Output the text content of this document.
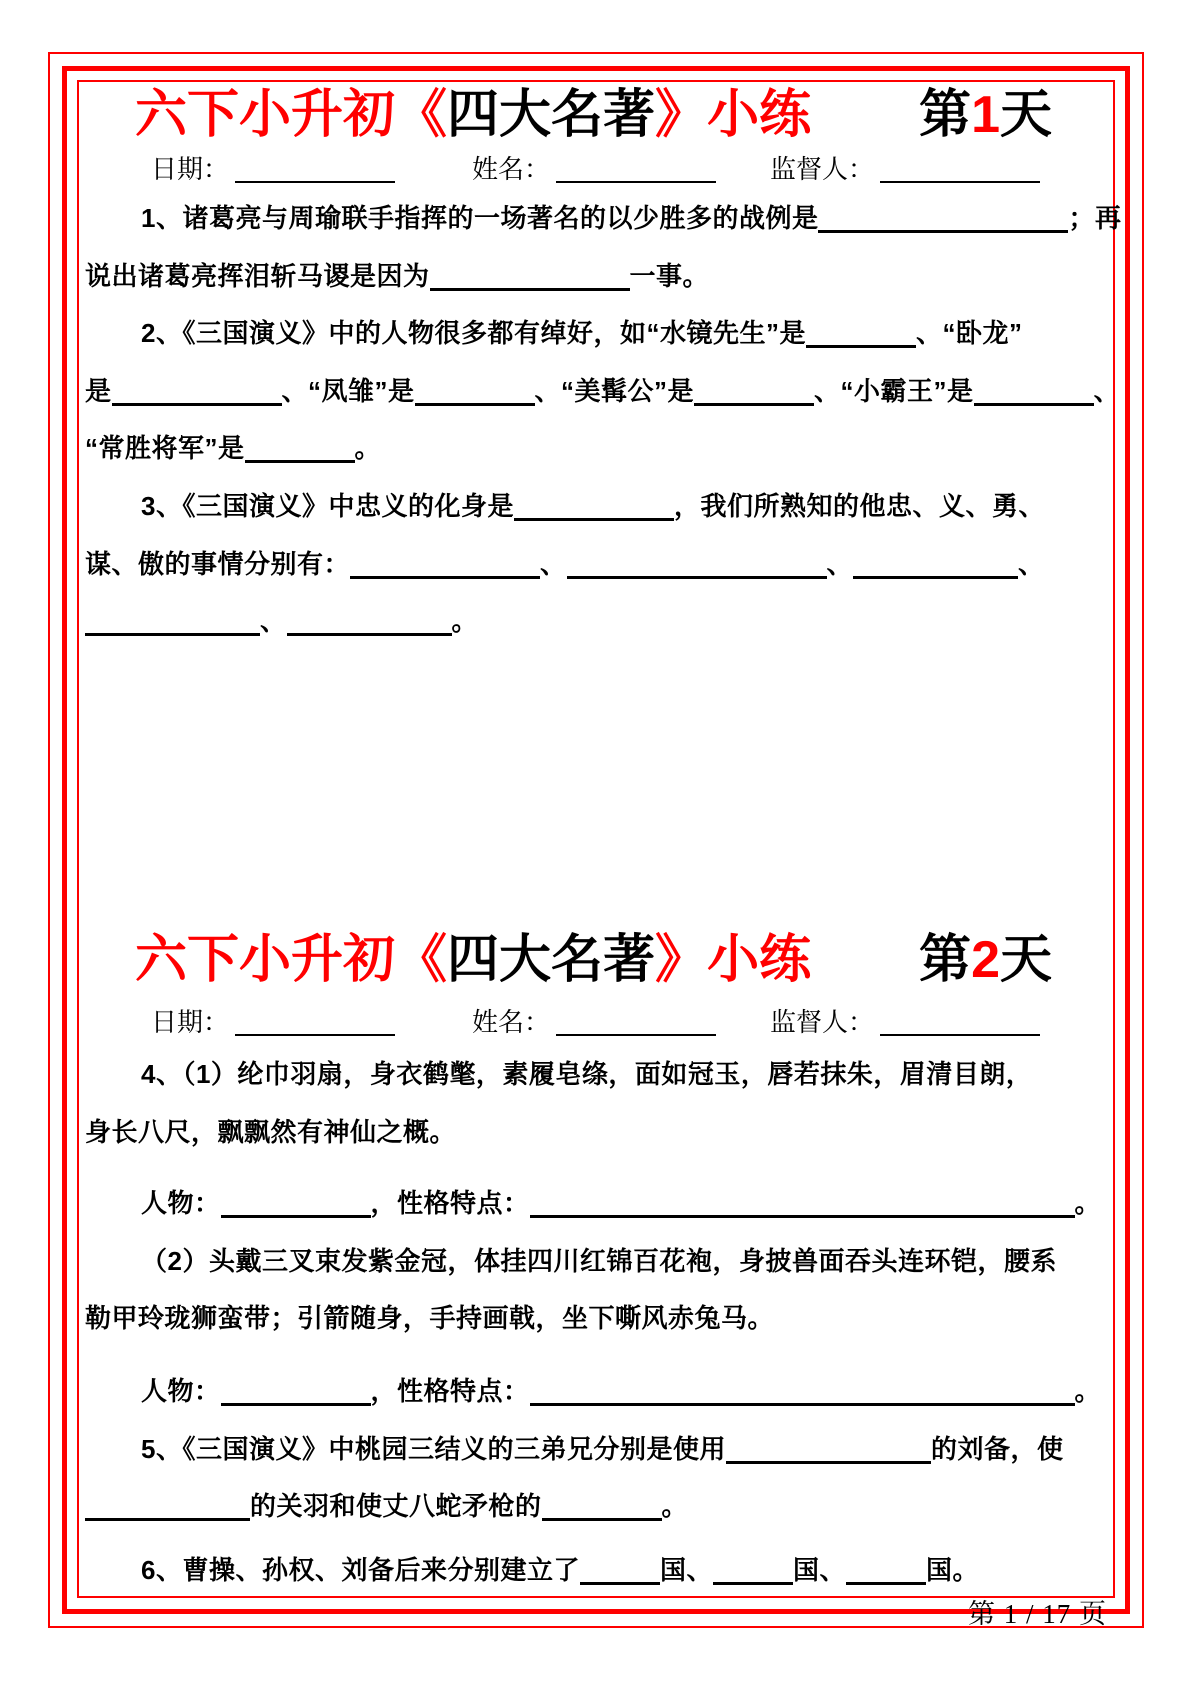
六下小升初《四大名著》小练 第1天
日期：	姓名：	监督人：
1、诸葛亮与周瑜联手指挥的一场著名的以少胜多的战例是	；再
说出诸葛亮挥泪斩马谡是因为	一事。
2、《三国演义》中的人物很多都有绰好，如“水镜先生”是	、“卧龙”
是	、“凤雏”是	、“美髯公”是	、“小霸王”是	、
“常胜将军”是	。
3、《三国演义》中忠义的化身是	，我们所熟知的他忠、义、勇、
谋、傲的事情分别有：	、	、	、
、	。
六下小升初《四大名著》小练 第2天
日期：	姓名：	监督人：
4、（1）纶巾羽扇，身衣鹤氅，素履皂绦，面如冠玉，唇若抹朱，眉清目朗，
身长八尺，飘飘然有神仙之概。
人物：	，性格特点：	。
（2）头戴三叉束发紫金冠，体挂四川红锦百花袍，身披兽面吞头连环铠，腰系
勒甲玲珑狮蛮带；引箭随身，手持画戟，坐下嘶风赤兔马。
人物：	，性格特点：	。
5、《三国演义》中桃园三结义的三弟兄分别是使用	的刘备，使
的关羽和使丈八蛇矛枪的	。
6、曹操、孙权、刘备后来分别建立了	国、	国、	国。
第 1 / 17 页
